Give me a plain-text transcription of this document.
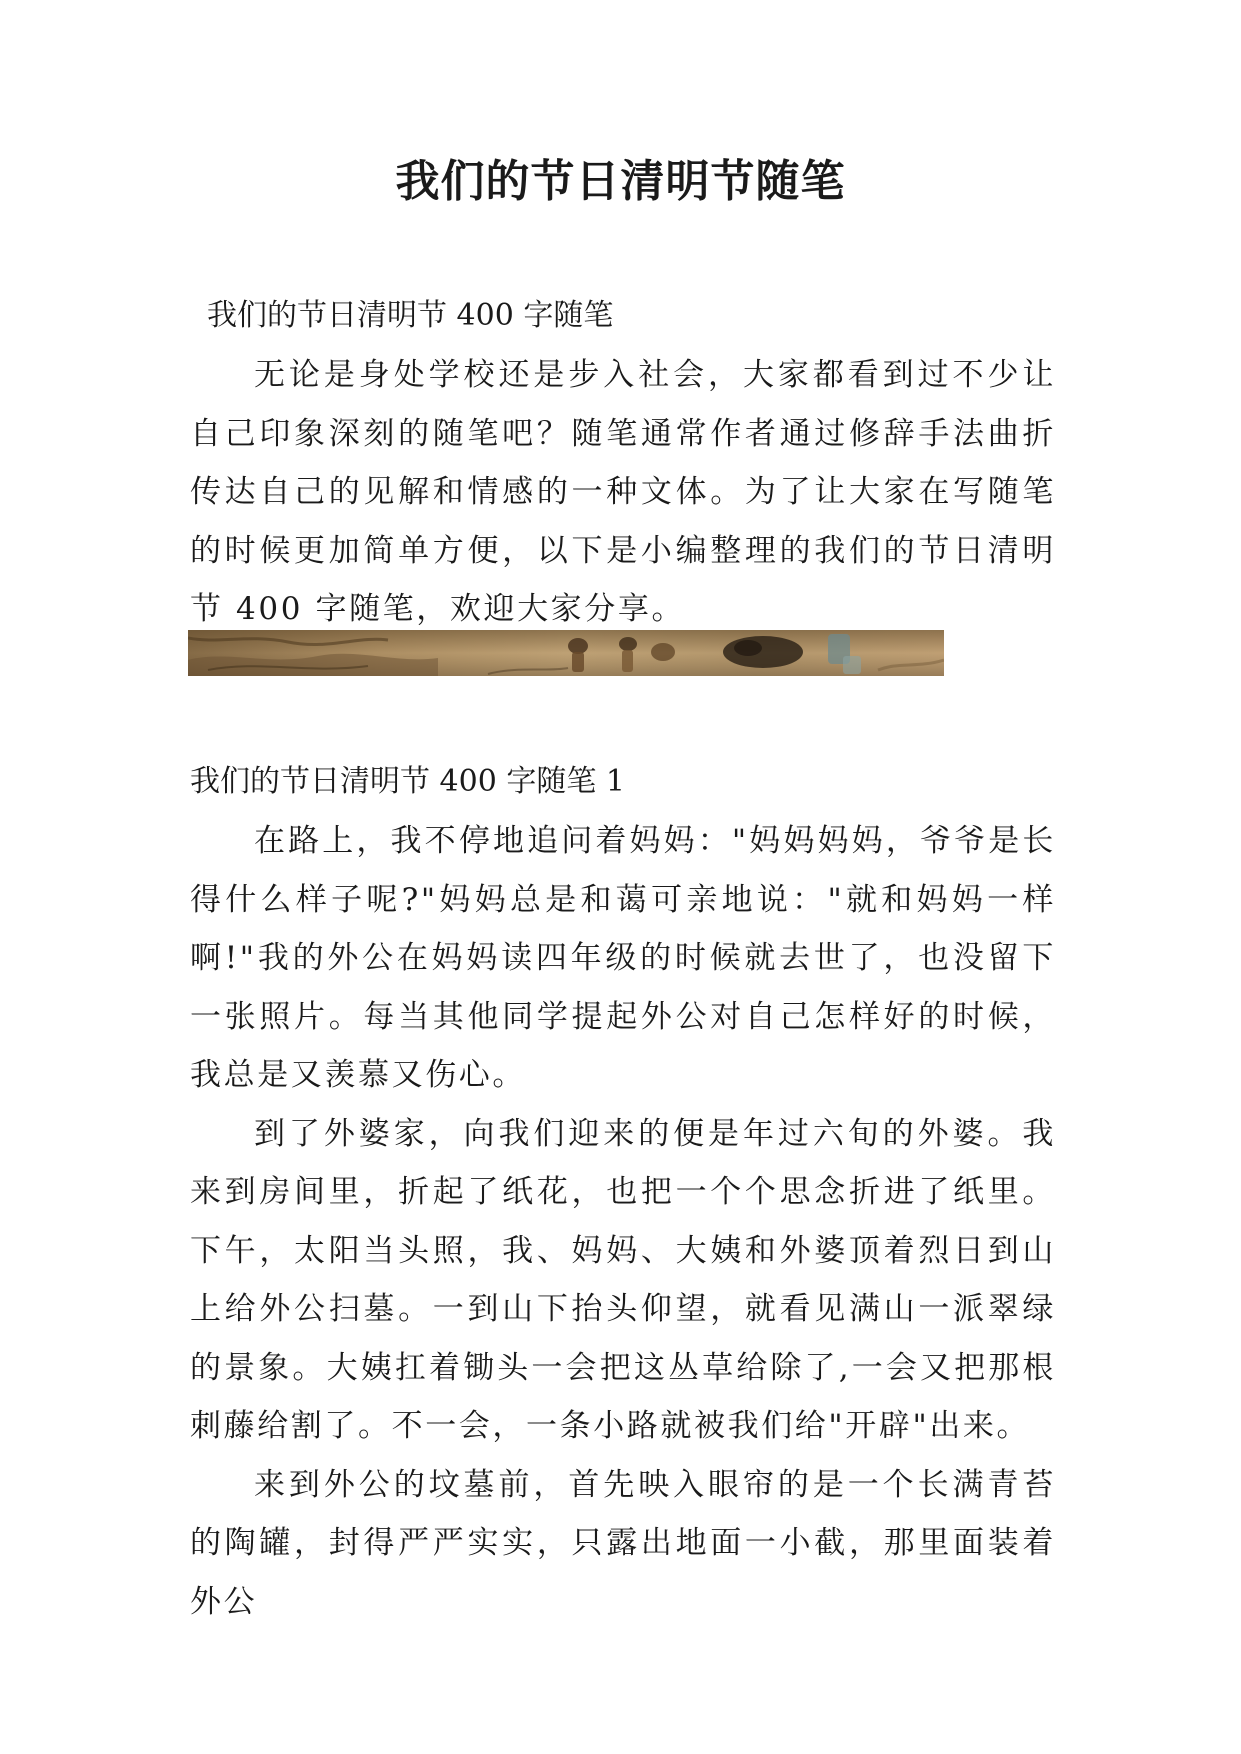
我们的节日清明节随笔

我们的节日清明节 400 字随笔

无论是身处学校还是步入社会，大家都看到过不少让自己印象深刻的随笔吧？随笔通常作者通过修辞手法曲折传达自己的见解和情感的一种文体。为了让大家在写随笔的时候更加简单方便，以下是小编整理的我们的节日清明节 400 字随笔，欢迎大家分享。

我们的节日清明节 400 字随笔 1

在路上，我不停地追问着妈妈："妈妈妈妈，爷爷是长得什么样子呢?"妈妈总是和蔼可亲地说："就和妈妈一样啊!"我的外公在妈妈读四年级的时候就去世了，也没留下一张照片。每当其他同学提起外公对自己怎样好的时候，我总是又羡慕又伤心。

到了外婆家，向我们迎来的便是年过六旬的外婆。我来到房间里，折起了纸花，也把一个个思念折进了纸里。下午，太阳当头照，我、妈妈、大姨和外婆顶着烈日到山上给外公扫墓。一到山下抬头仰望，就看见满山一派翠绿的景象。大姨扛着锄头一会把这丛草给除了,一会又把那根刺藤给割了。不一会，一条小路就被我们给"开辟"出来。

来到外公的坟墓前，首先映入眼帘的是一个长满青苔的陶罐，封得严严实实，只露出地面一小截，那里面装着外公
